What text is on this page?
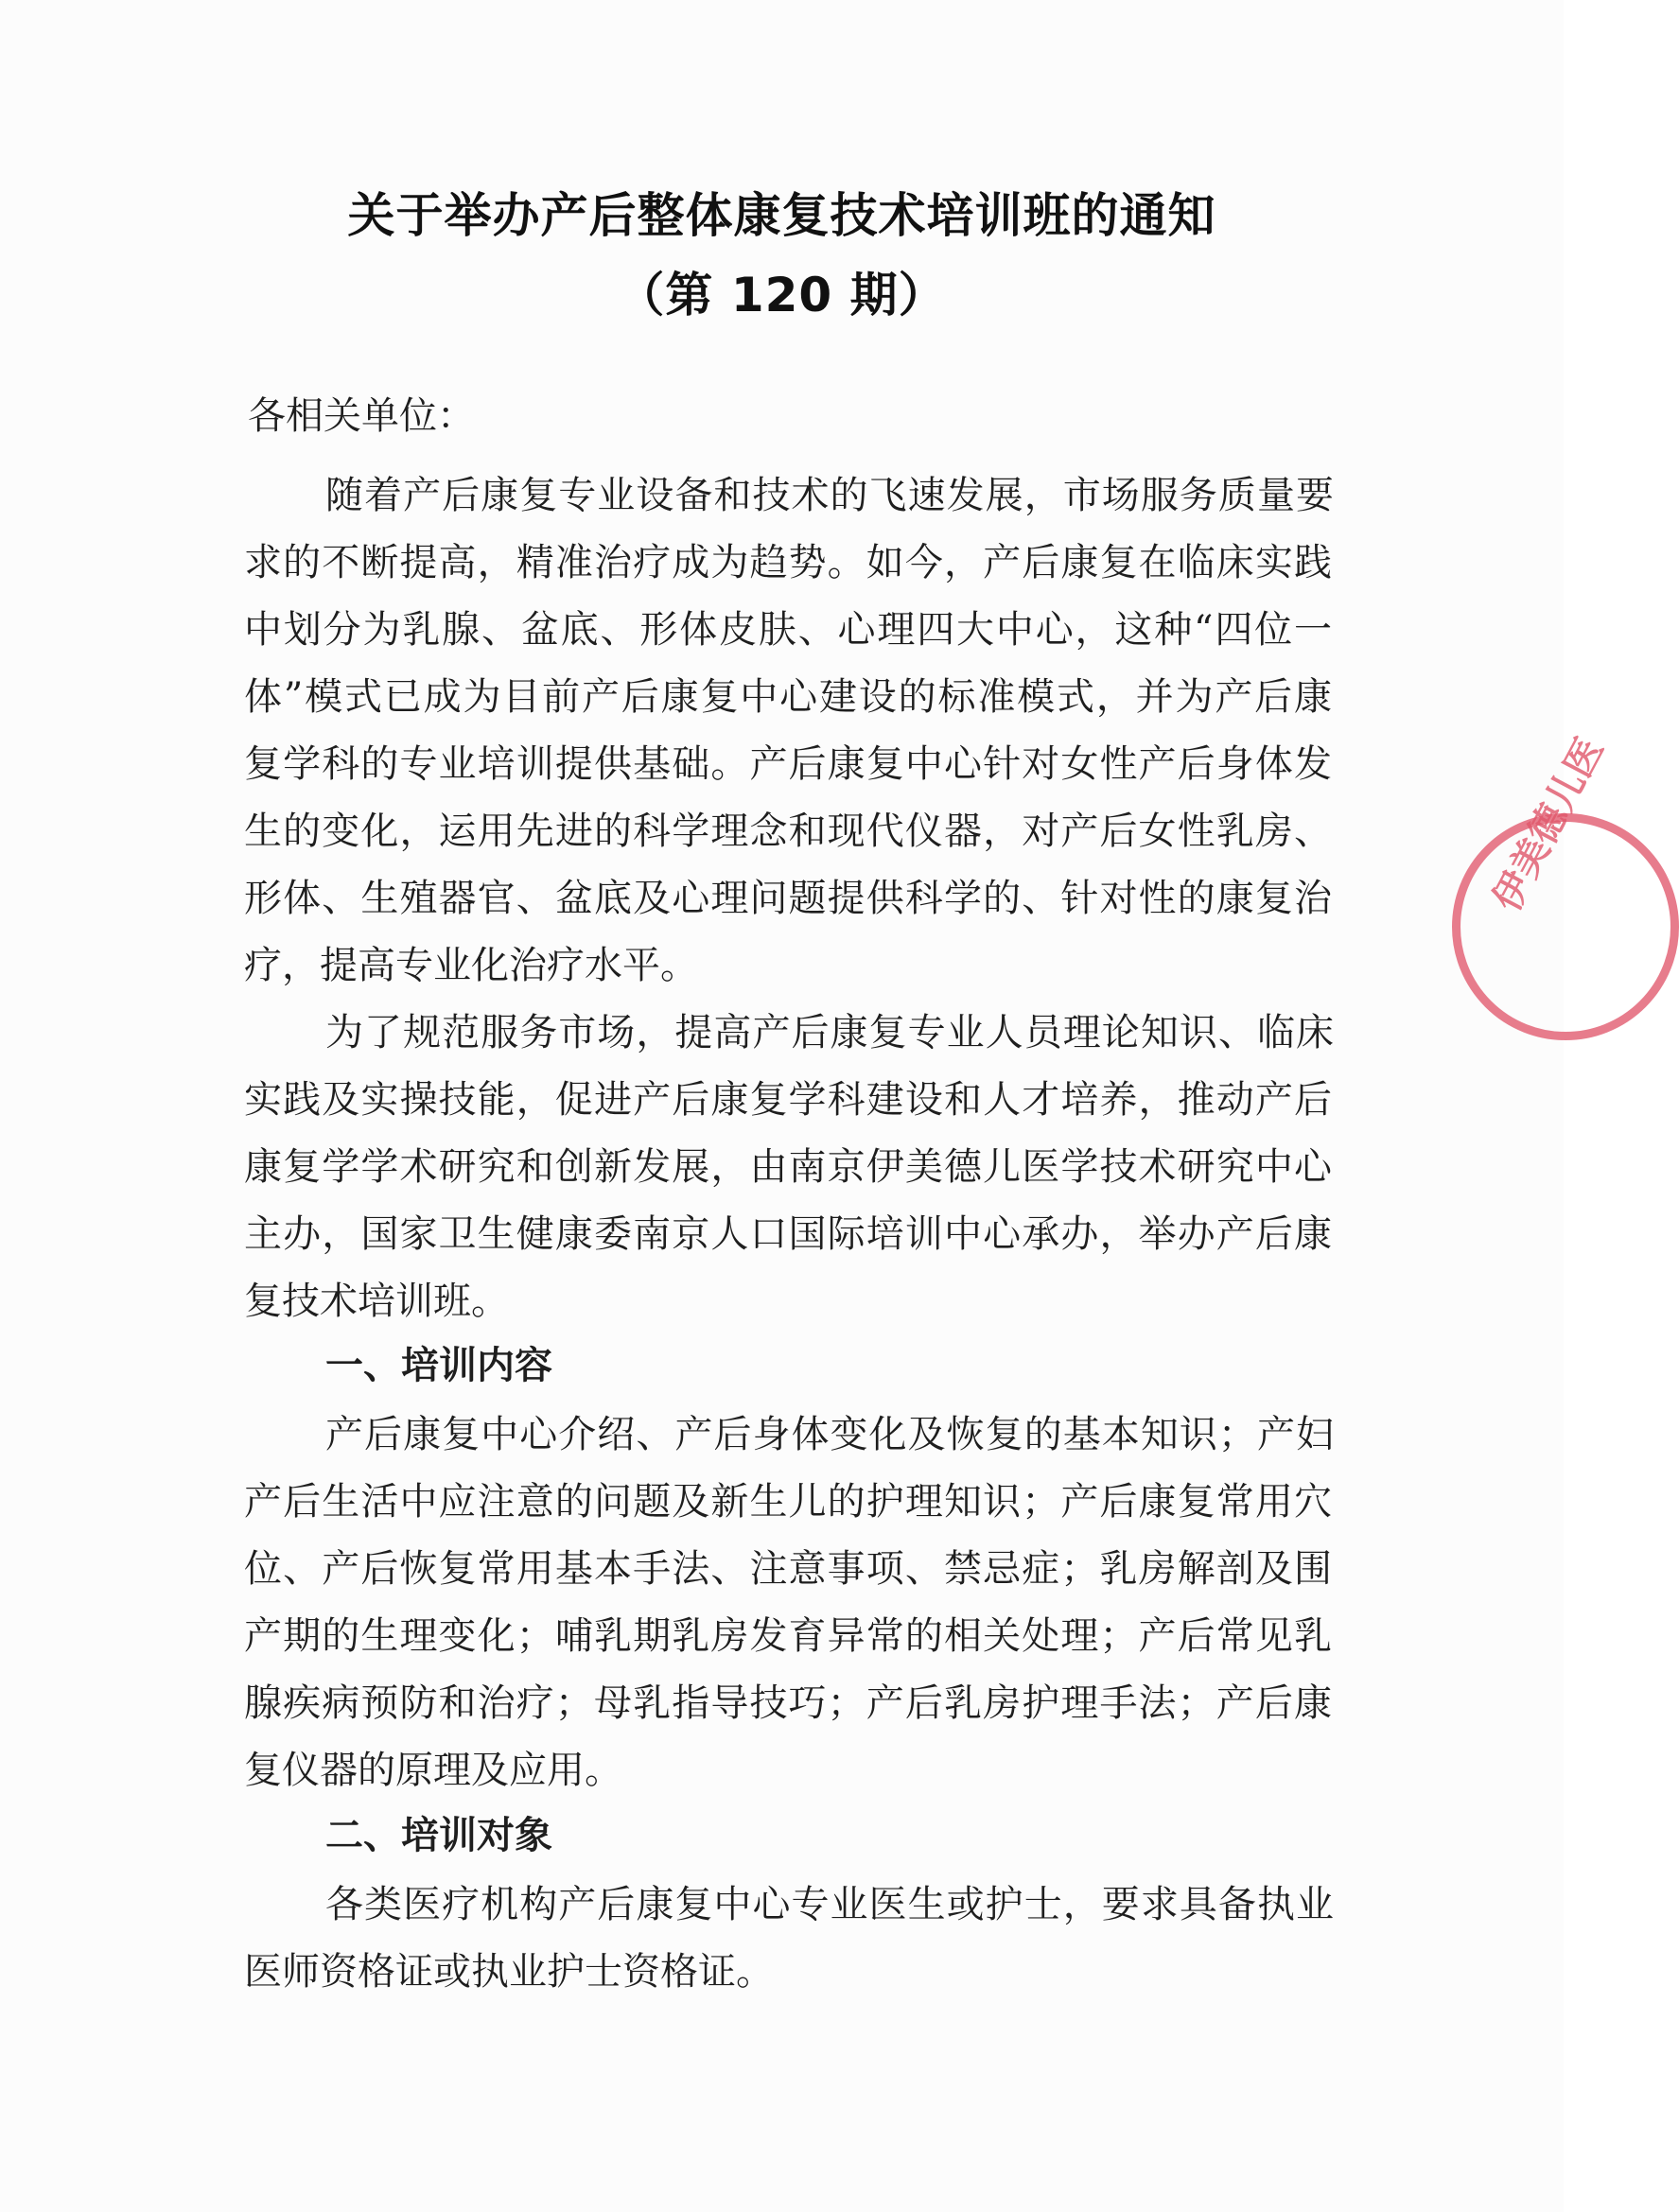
关于举办产后整体康复技术培训班的通知
（第 120 期）
各相关单位：
随着产后康复专业设备和技术的飞速发展，市场服务质量要
求的不断提高，精准治疗成为趋势。如今，产后康复在临床实践
中划分为乳腺、盆底、形体皮肤、心理四大中心，这种“四位一
体”模式已成为目前产后康复中心建设的标准模式，并为产后康
复学科的专业培训提供基础。产后康复中心针对女性产后身体发
生的变化，运用先进的科学理念和现代仪器，对产后女性乳房、
形体、生殖器官、盆底及心理问题提供科学的、针对性的康复治
疗，提高专业化治疗水平。
为了规范服务市场，提高产后康复专业人员理论知识、临床
实践及实操技能，促进产后康复学科建设和人才培养，推动产后
康复学学术研究和创新发展，由南京伊美德儿医学技术研究中心
主办，国家卫生健康委南京人口国际培训中心承办，举办产后康
复技术培训班。
一、培训内容
产后康复中心介绍、产后身体变化及恢复的基本知识；产妇
产后生活中应注意的问题及新生儿的护理知识；产后康复常用穴
位、产后恢复常用基本手法、注意事项、禁忌症；乳房解剖及围
产期的生理变化；哺乳期乳房发育异常的相关处理；产后常见乳
腺疾病预防和治疗；母乳指导技巧；产后乳房护理手法；产后康
复仪器的原理及应用。
二、培训对象
各类医疗机构产后康复中心专业医生或护士，要求具备执业
医师资格证或执业护士资格证。
伊美德儿医
